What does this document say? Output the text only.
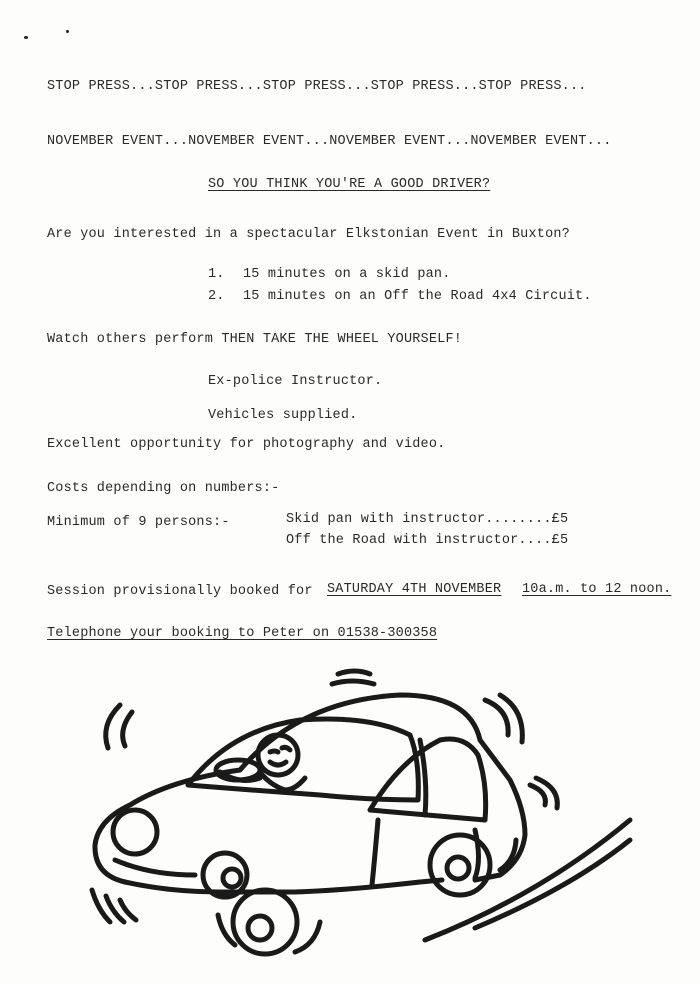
STOP PRESS...STOP PRESS...STOP PRESS...STOP PRESS...STOP PRESS...
NOVEMBER EVENT...NOVEMBER EVENT...NOVEMBER EVENT...NOVEMBER EVENT...
SO YOU THINK YOU'RE A GOOD DRIVER?
Are you interested in a spectacular Elkstonian Event in Buxton?
1. 15 minutes on a skid pan.
2. 15 minutes on an Off the Road 4x4 Circuit.
Watch others perform THEN TAKE THE WHEEL YOURSELF!
Ex-police Instructor.
Vehicles supplied.
Excellent opportunity for photography and video.
Costs depending on numbers:-
Minimum of 9 persons:-	Skid pan with instructor........£5
Off the Road with instructor....£5
Session provisionally booked for SATURDAY 4TH NOVEMBER 10a.m. to 12 noon.
Telephone your booking to Peter on 01538-300358
